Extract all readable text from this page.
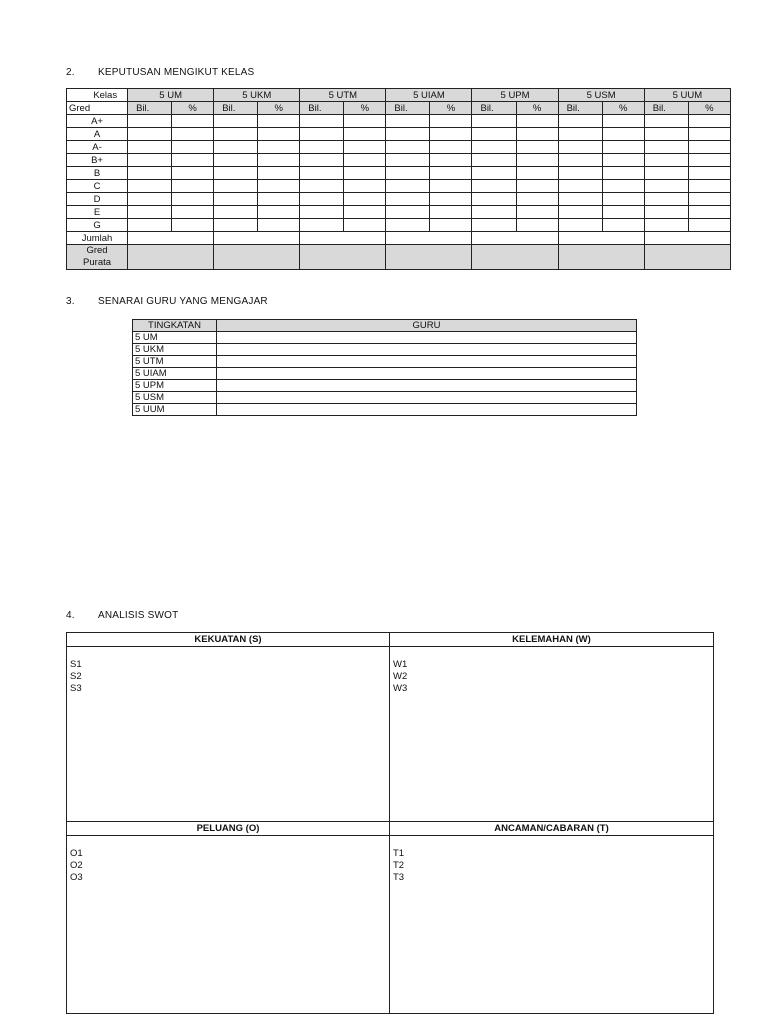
2. KEPUTUSAN MENGIKUT KELAS
Kelas	5 UM		5 UKM		5 UTM		5 UIAM		5 UPM		5 USM		5 UUM	
Gred	Bil.	%	Bil.	%	Bil.	%	Bil.	%	Bil.	%	Bil.	%	Bil.	%
A+														
A														
A-														
B+														
B														
C														
D														
E														
G														
Jumlah														

Gred
Purata														

3. SENARAI GURU YANG MENGAJAR
TINGKATAN	GURU
5 UM	
5 UKM	
5 UTM	
5 UIAM	
5 UPM	
5 USM	
5 UUM	
4. ANALISIS SWOT
KEKUATAN (S)
S1
S2
S3
KELEMAHAN (W)
W1
W2
W3
PELUANG (O)
O1
O2
O3
ANCAMAN/CABARAN (T)
T1
T2
T3
